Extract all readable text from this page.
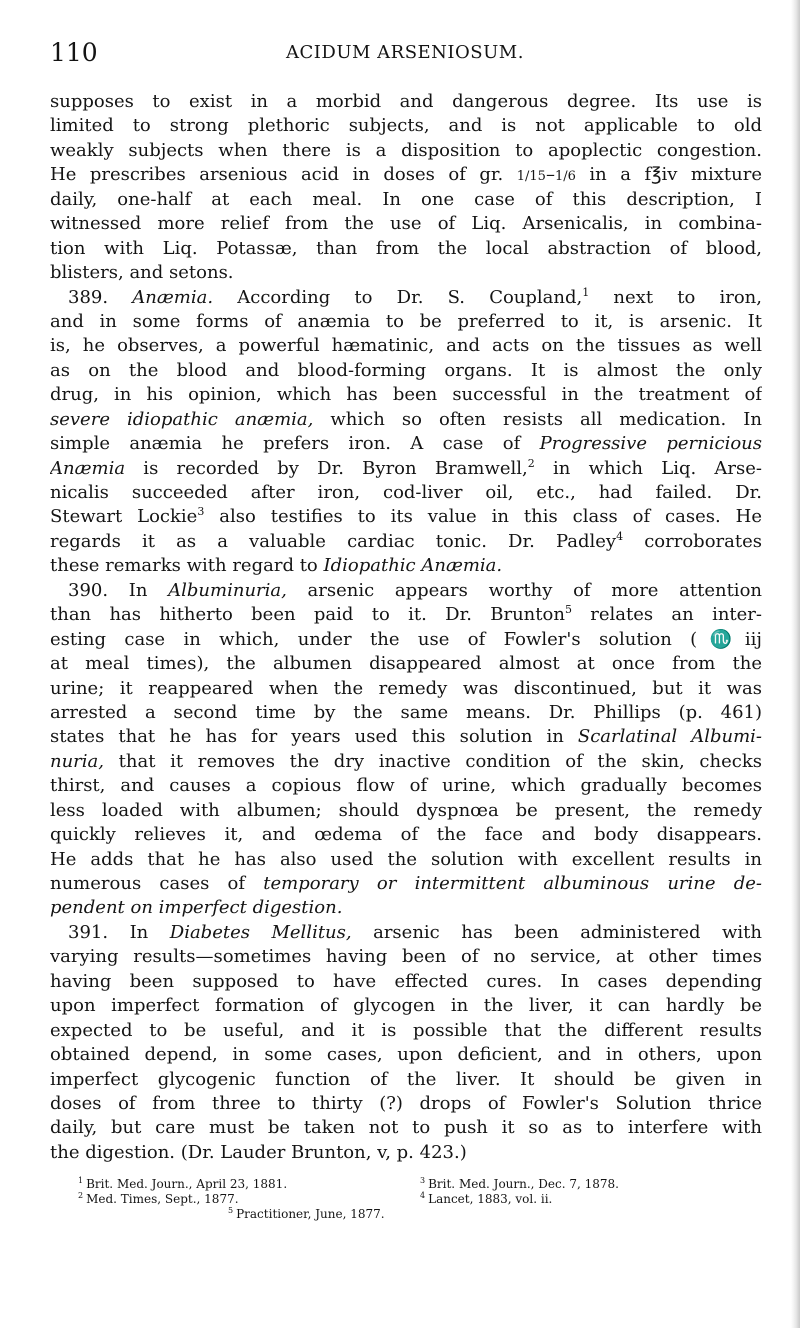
110	ACIDUM ARSENIOSUM.
supposes to exist in a morbid and dangerous degree. Its use is
limited to strong plethoric subjects, and is not applicable to old
weakly subjects when there is a disposition to apoplectic congestion.
He prescribes arsenious acid in doses of gr. 1/15–1/6 in a f℥iv mixture
daily, one-half at each meal. In one case of this description, I
witnessed more relief from the use of Liq. Arsenicalis, in combina-
tion with Liq. Potassæ, than from the local abstraction of blood,
blisters, and setons.
389. Anæmia. According to Dr. S. Coupland,$^1$ next to iron,
and in some forms of anæmia to be preferred to it, is arsenic. It
is, he observes, a powerful hæmatinic, and acts on the tissues as well
as on the blood and blood-forming organs. It is almost the only
drug, in his opinion, which has been successful in the treatment of
severe idiopathic anæmia, which so often resists all medication. In
simple anæmia he prefers iron. A case of Progressive pernicious
Anæmia is recorded by Dr. Byron Bramwell,$^2$ in which Liq. Arse-
nicalis succeeded after iron, cod-liver oil, etc., had failed. Dr.
Stewart Lockie$^3$ also testifies to its value in this class of cases. He
regards it as a valuable cardiac tonic. Dr. Padley$^4$ corroborates
these remarks with regard to Idiopathic Anæmia.
390. In Albuminuria, arsenic appears worthy of more attention
than has hitherto been paid to it. Dr. Brunton$^5$ relates an inter-
esting case in which, under the use of Fowler's solution (♏iij
at meal times), the albumen disappeared almost at once from the
urine; it reappeared when the remedy was discontinued, but it was
arrested a second time by the same means. Dr. Phillips (p. 461)
states that he has for years used this solution in Scarlatinal Albumi-
nuria, that it removes the dry inactive condition of the skin, checks
thirst, and causes a copious flow of urine, which gradually becomes
less loaded with albumen; should dyspnœa be present, the remedy
quickly relieves it, and œdema of the face and body disappears.
He adds that he has also used the solution with excellent results in
numerous cases of temporary or intermittent albuminous urine de-
pendent on imperfect digestion.
391. In Diabetes Mellitus, arsenic has been administered with
varying results—sometimes having been of no service, at other times
having been supposed to have effected cures. In cases depending
upon imperfect formation of glycogen in the liver, it can hardly be
expected to be useful, and it is possible that the different results
obtained depend, in some cases, upon deficient, and in others, upon
imperfect glycogenic function of the liver. It should be given in
doses of from three to thirty (?) drops of Fowler's Solution thrice
daily, but care must be taken not to push it so as to interfere with
the digestion. (Dr. Lauder Brunton, v, p. 423.)
$^1$ Brit. Med. Journ., April 23, 1881.	$^3$ Brit. Med. Journ., Dec. 7, 1878.
$^2$ Med. Times, Sept., 1877.	$^4$ Lancet, 1883, vol. ii.
$^5$ Practitioner, June, 1877.
